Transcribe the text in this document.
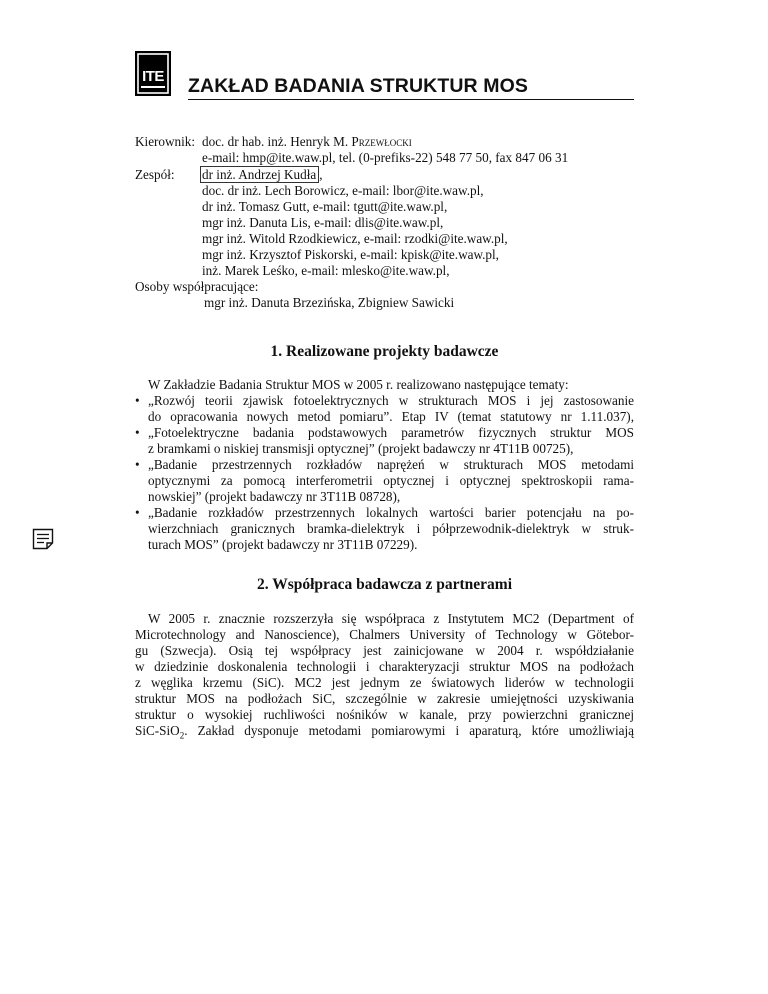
ITE ZAKŁAD BADANIA STRUKTUR MOS
Kierownik: doc. dr hab. inż. Henryk M. Przewłocki
e-mail: hmp@ite.waw.pl, tel. (0-prefiks-22) 548 77 50, fax 847 06 31
Zespół: dr inż. Andrzej Kudła ,
doc. dr inż. Lech Borowicz, e-mail: lbor@ite.waw.pl,
dr inż. Tomasz Gutt, e-mail: tgutt@ite.waw.pl,
mgr inż. Danuta Lis, e-mail: dlis@ite.waw.pl,
mgr inż. Witold Rzodkiewicz, e-mail: rzodki@ite.waw.pl,
mgr inż. Krzysztof Piskorski, e-mail: kpisk@ite.waw.pl,
inż. Marek Leśko, e-mail: mlesko@ite.waw.pl,
Osoby współpracujące:
mgr inż. Danuta Brzezińska, Zbigniew Sawicki
1. Realizowane projekty badawcze
W Zakładzie Badania Struktur MOS w 2005 r. realizowano następujące tematy:
• „Rozwój teorii zjawisk fotoelektrycznych w strukturach MOS i jej zastosowanie
do opracowania nowych metod pomiaru”. Etap IV (temat statutowy nr 1.11.037),
• „Fotoelektryczne badania podstawowych parametrów fizycznych struktur MOS
z bramkami o niskiej transmisji optycznej” (projekt badawczy nr 4T11B 00725),
• „Badanie przestrzennych rozkładów naprężeń w strukturach MOS metodami
optycznymi za pomocą interferometrii optycznej i optycznej spektroskopii rama-
nowskiej” (projekt badawczy nr 3T11B 08728),
• „Badanie rozkładów przestrzennych lokalnych wartości barier potencjału na po-
wierzchniach granicznych bramka-dielektryk i półprzewodnik-dielektryk w struk-
turach MOS” (projekt badawczy nr 3T11B 07229).
2. Współpraca badawcza z partnerami
W 2005 r. znacznie rozszerzyła się współpraca z Instytutem MC2 (Department of
Microtechnology and Nanoscience), Chalmers University of Technology w Götebor-
gu (Szwecja). Osią tej współpracy jest zainicjowane w 2004 r. współdziałanie
w dziedzinie doskonalenia technologii i charakteryzacji struktur MOS na podłożach
z węglika krzemu (SiC). MC2 jest jednym ze światowych liderów w technologii
struktur MOS na podłożach SiC, szczególnie w zakresie umiejętności uzyskiwania
struktur o wysokiej ruchliwości nośników w kanale, przy powierzchni granicznej
SiC-SiO$_2$ . Zakład dysponuje metodami pomiarowymi i aparaturą, które umożliwiają
